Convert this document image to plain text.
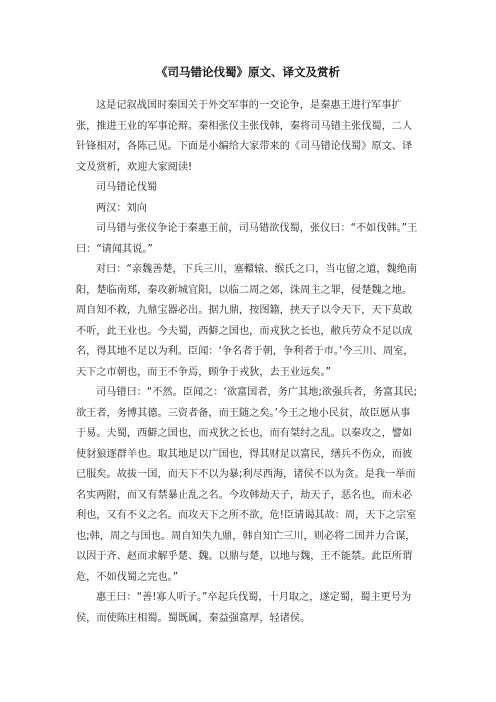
《司马错论伐蜀》原文、译文及赏析

这是记叙战国时秦国关于外交军事的一交论争，是秦惠王进行军事扩张，推进王业的军事论辩。秦相张仪主张伐韩，秦将司马错主张伐蜀，二人针锋相对，各陈己见。下面是小编给大家带来的《司马错论伐蜀》原文、译文及赏析，欢迎大家阅读!

司马错论伐蜀

两汉：刘向

司马错与张仪争论于秦惠王前，司马错欲伐蜀，张仪曰：“不如伐韩。”王曰：“请闻其说。”

对曰：“亲魏善楚，下兵三川，塞轘辕、缑氏之口，当屯留之道，魏绝南阳，楚临南郑，秦攻新城宜阳，以临二周之郊，诛周主之罪，侵楚魏之地。周自知不救，九鼎宝器必出。据九鼎，按图籍，挟天子以令天下，天下莫敢不听，此王业也。今夫蜀，西僻之国也，而戎狄之长也，敝兵劳众不足以成名，得其地不足以为利。臣闻：‘争名者于朝，争利者于市。’今三川、周室，天下之市朝也，而王不争焉，顾争于戎狄，去王业远矣。”

司马错曰：“不然。臣闻之：‘欲富国者，务广其地;欲强兵者，务富其民;欲王者，务博其德。三资者备，而王随之矣。’今王之地小民贫，故臣愿从事于易。夫蜀，西僻之国也，而戎狄之长也，而有桀纣之乱。以秦攻之，譬如使豺狼逐群羊也。取其地足以广国也，得其财足以富民，缮兵不伤众，而彼已服矣。故拔一国，而天下不以为暴;利尽西海，诸侯不以为贪。是我一举而名实两附，而又有禁暴止乱之名。今攻韩劫天子，劫天子，恶名也，而未必利也，又有不义之名。而攻天下之所不欲，危!臣请谒其故：周，天下之宗室也;韩，周之与国也。周自知失九鼎，韩自知亡三川，则必将二国并力合谋，以因于齐、赵而求解乎楚、魏。以鼎与楚，以地与魏，王不能禁。此臣所谓危，不如伐蜀之完也。”

惠王曰：“善!寡人听子。”卒起兵伐蜀，十月取之，遂定蜀，蜀主更号为侯，而使陈庄相蜀。蜀既属，秦益强富厚，轻诸侯。
